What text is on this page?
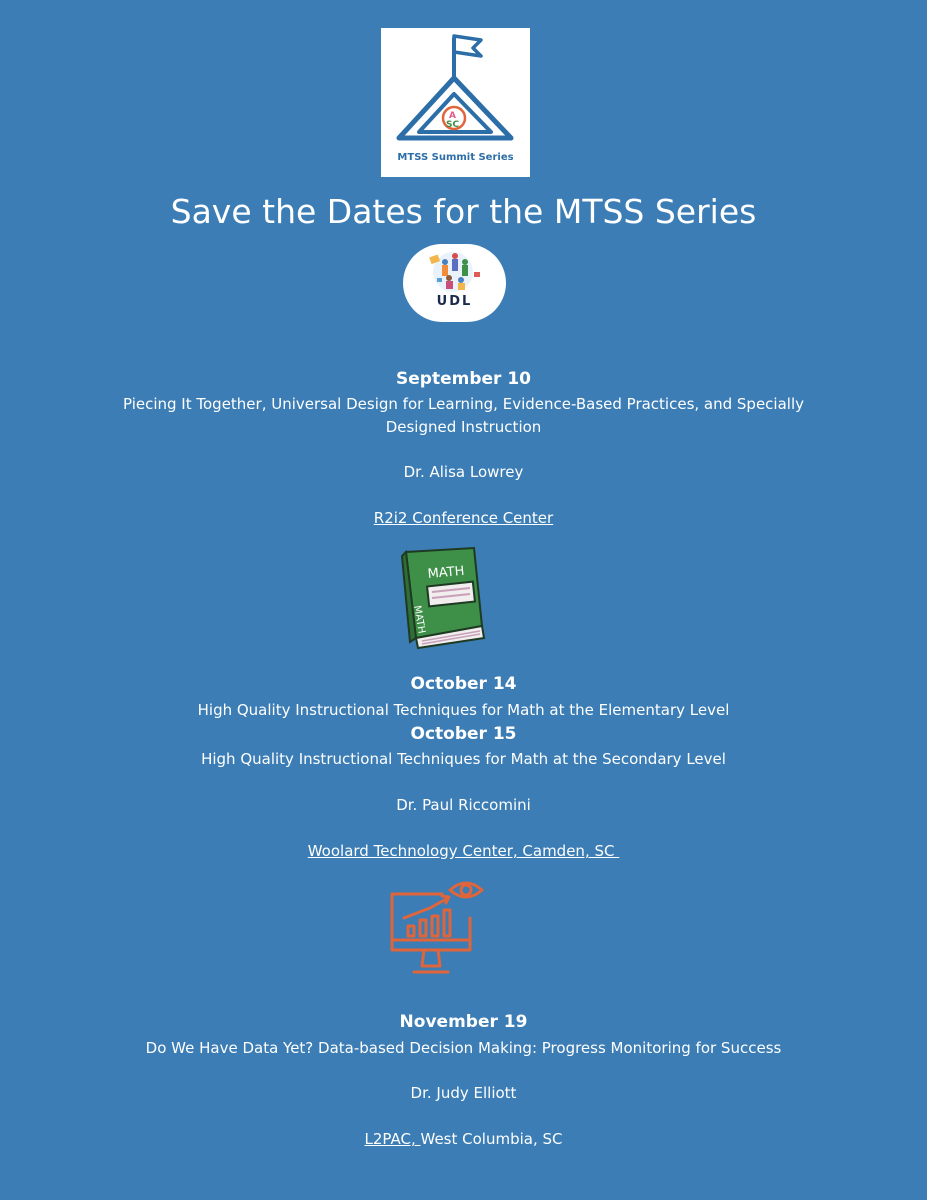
A
SC
MTSS Summit Series
Save the Dates for the MTSS Series
UDL
September 10
Piecing It Together, Universal Design for Learning, Evidence-Based Practices, and Specially
Designed Instruction
Dr. Alisa Lowrey
R2i2 Conference Center
MATH
MATH
October 14
High Quality Instructional Techniques for Math at the Elementary Level
October 15
High Quality Instructional Techniques for Math at the Secondary Level
Dr. Paul Riccomini
Woolard Technology Center, Camden, SC
November 19
Do We Have Data Yet? Data-based Decision Making: Progress Monitoring for Success
Dr. Judy Elliott
L2PAC, West Columbia, SC
